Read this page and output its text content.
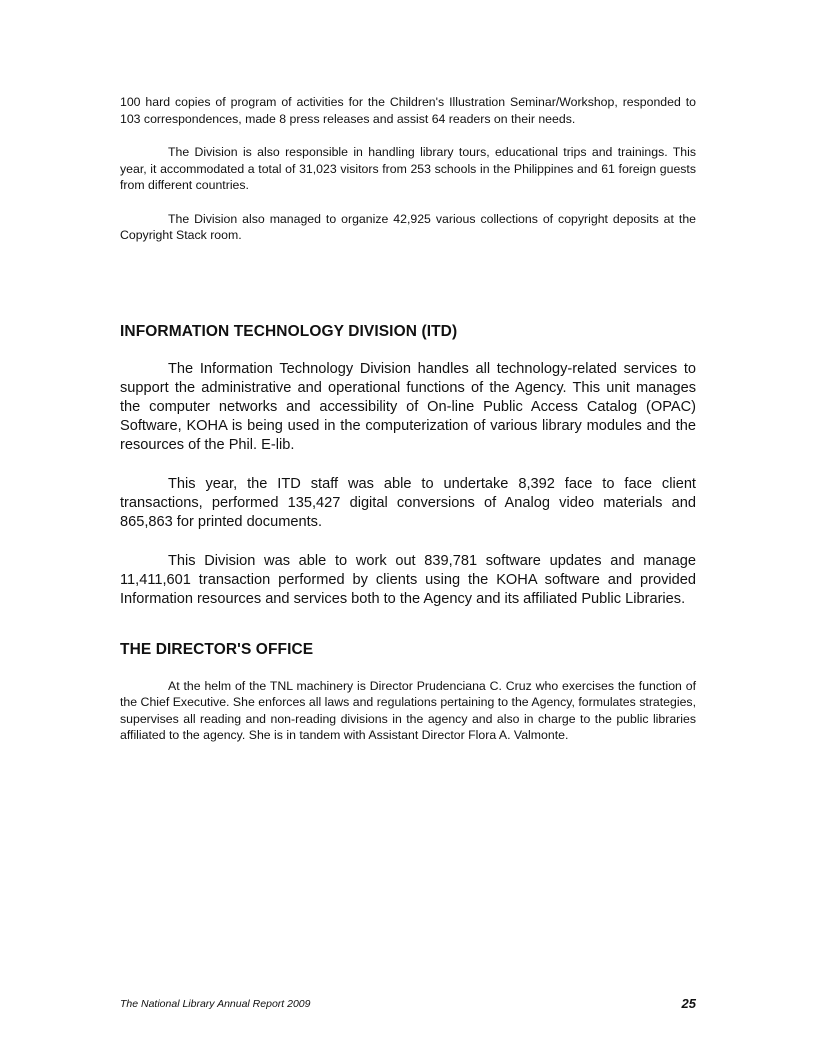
100 hard copies of program of activities for the Children's Illustration Seminar/Workshop, responded to 103 correspondences, made 8 press releases and assist 64 readers on their needs.

The Division is also responsible in handling library tours, educational trips and trainings. This year, it accommodated a total of 31,023 visitors from 253 schools in the Philippines and 61 foreign guests from different countries.

The Division also managed to organize 42,925 various collections of copyright deposits at the Copyright Stack room.

INFORMATION TECHNOLOGY DIVISION (ITD)

The Information Technology Division handles all technology-related services to support the administrative and operational functions of the Agency. This unit manages the computer networks and accessibility of On-line Public Access Catalog (OPAC) Software, KOHA is being used in the computerization of various library modules and the resources of the Phil. E-lib.

This year, the ITD staff was able to undertake 8,392 face to face client transactions, performed 135,427 digital conversions of Analog video materials and 865,863 for printed documents.

This Division was able to work out 839,781 software updates and manage 11,411,601 transaction performed by clients using the KOHA software and provided Information resources and services both to the Agency and its affiliated Public Libraries.

THE DIRECTOR'S OFFICE

At the helm of the TNL machinery is Director Prudenciana C. Cruz who exercises the function of the Chief Executive. She enforces all laws and regulations pertaining to the Agency, formulates strategies, supervises all reading and non-reading divisions in the agency and also in charge to the public libraries affiliated to the agency. She is in tandem with Assistant Director Flora A. Valmonte.

The National Library Annual Report 2009	25
